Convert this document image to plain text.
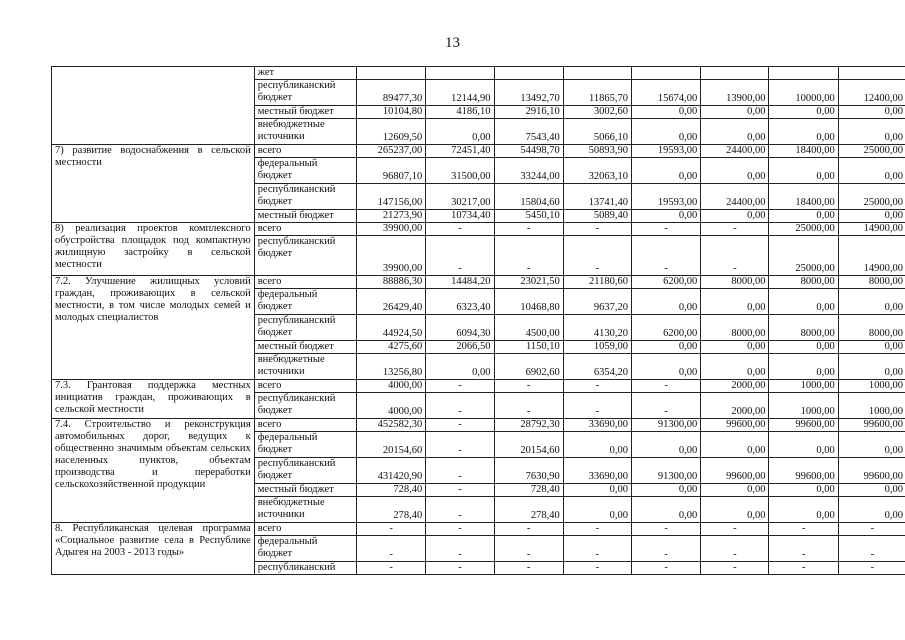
13
	жет								
	республиканский бюджет	89477,30	12144,90	13492,70	11865,70	15674,00	13900,00	10000,00	12400,00
	местный бюджет	10104,80	4186,10	2916,10	3002,60	0,00	0,00	0,00	0,00
	внебюджетные источники	12609,50	0,00	7543,40	5066,10	0,00	0,00	0,00	0,00
7) развитие водоснабжения в сельской местности	всего	265237,00	72451,40	54498,70	50893,90	19593,00	24400,00	18400,00	25000,00
	федеральный бюджет	96807,10	31500,00	33244,00	32063,10	0,00	0,00	0,00	0,00
	республиканский бюджет	147156,00	30217,00	15804,60	13741,40	19593,00	24400,00	18400,00	25000,00
	местный бюджет	21273,90	10734,40	5450,10	5089,40	0,00	0,00	0,00	0,00
8) реализация проектов комплексного обустройства площадок под компактную жилищную застройку в сельской местности	всего	39900,00	-	-	-	-	-	25000,00	14900,00
	республиканский бюджет	39900,00	-	-	-	-	-	25000,00	14900,00
7.2. Улучшение жилищных условий граждан, проживающих в сельской местности, в том числе молодых семей и молодых специалистов	всего	88886,30	14484,20	23021,50	21180,60	6200,00	8000,00	8000,00	8000,00
	федеральный бюджет	26429,40	6323,40	10468,80	9637,20	0,00	0,00	0,00	0,00
	республиканский бюджет	44924,50	6094,30	4500,00	4130,20	6200,00	8000,00	8000,00	8000,00
	местный бюджет	4275,60	2066,50	1150,10	1059,00	0,00	0,00	0,00	0,00
	внебюджетные источники	13256,80	0,00	6902,60	6354,20	0,00	0,00	0,00	0,00
7.3. Грантовая поддержка местных инициатив граждан, проживающих в сельской местности	всего	4000,00	-	-	-	-	2000,00	1000,00	1000,00
	республиканский бюджет	4000,00	-	-	-	-	2000,00	1000,00	1000,00
7.4. Строительство и реконструкция автомобильных дорог, ведущих к общественно значимым объектам сельских населенных пунктов, объектам производства и переработки сельскохозяйственной продукции	всего	452582,30	-	28792,30	33690,00	91300,00	99600,00	99600,00	99600,00
	федеральный бюджет	20154,60	-	20154,60	0,00	0,00	0,00	0,00	0,00
	республиканский бюджет	431420,90	-	7630,90	33690,00	91300,00	99600,00	99600,00	99600,00
	местный бюджет	728,40	-	728,40	0,00	0,00	0,00	0,00	0,00
	внебюджетные источники	278,40	-	278,40	0,00	0,00	0,00	0,00	0,00
8. Республиканская целевая программа «Социальное развитие села в Республике Адыгея на 2003 - 2013 годы»	всего	-	-	-	-	-	-	-	-
	федеральный бюджет	-	-	-	-	-	-	-	-
	республиканский	-	-	-	-	-	-	-	-
